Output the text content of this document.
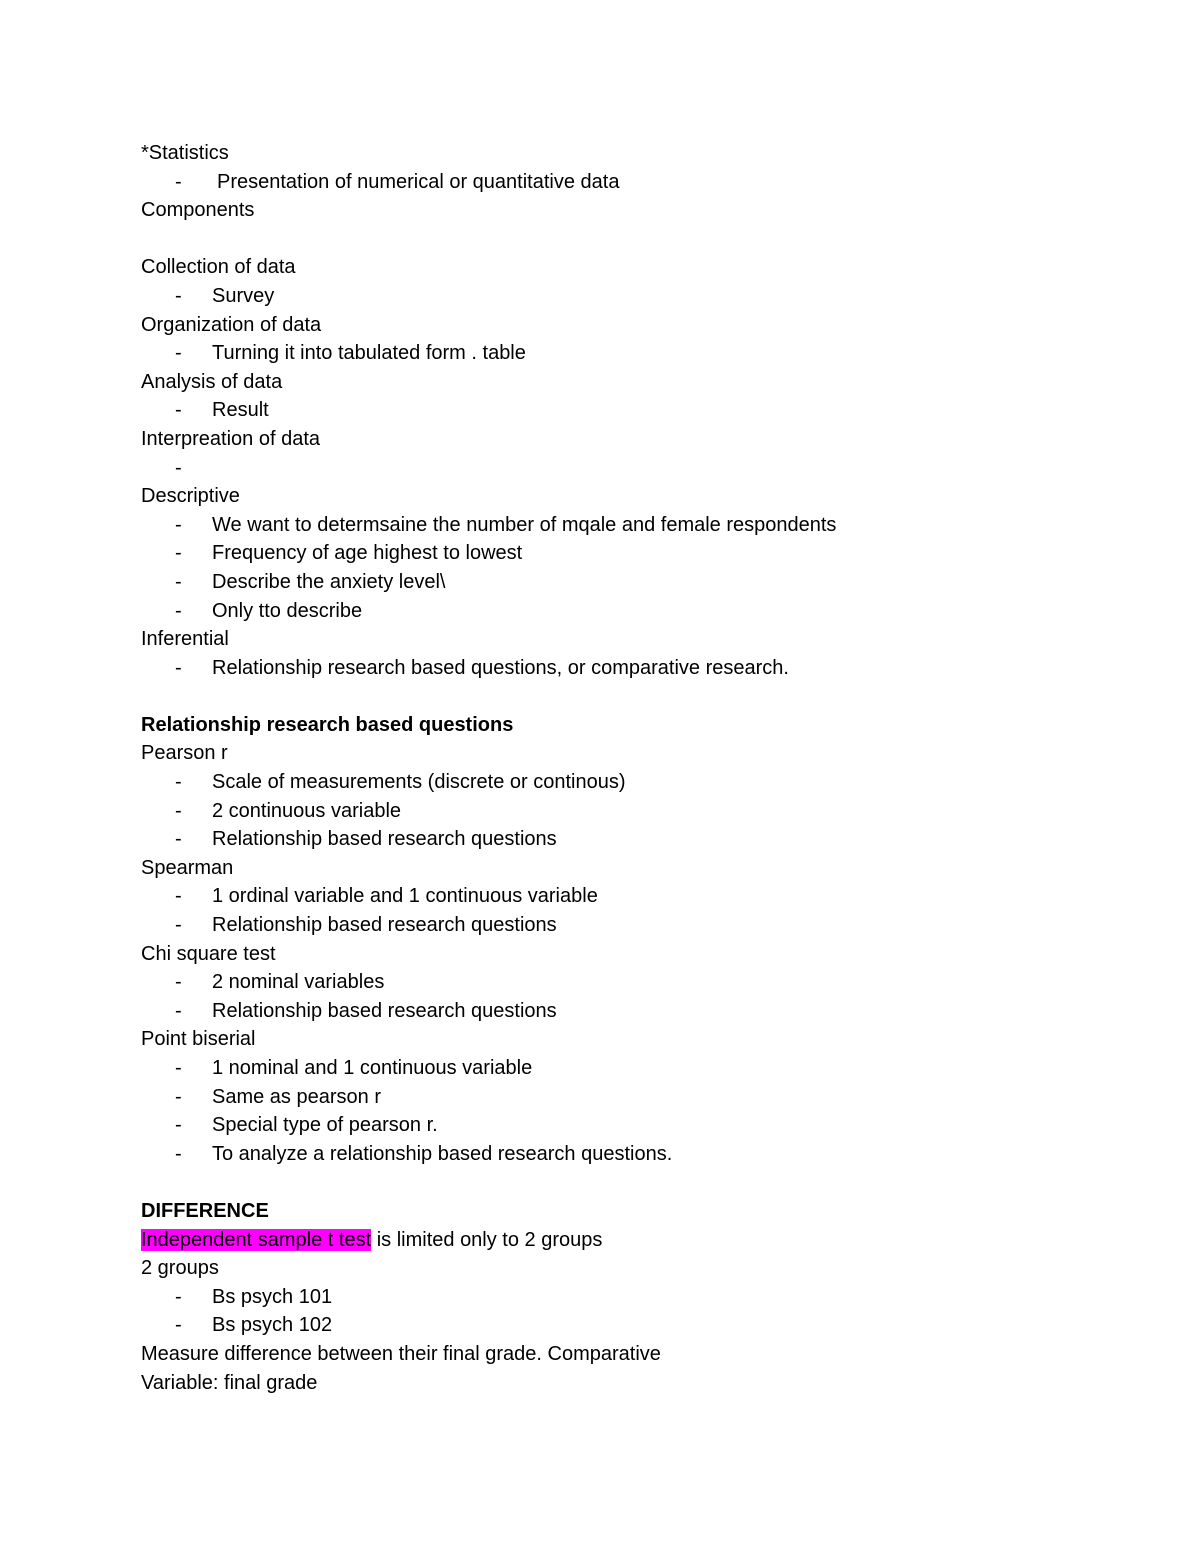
*Statistics
- Presentation of numerical or quantitative data
Components
Collection of data
- Survey
Organization of data
- Turning it into tabulated form . table
Analysis of data
- Result
Interpreation of data
-
Descriptive
- We want to determsaine the number of mqale and female respondents
- Frequency of age highest to lowest
- Describe the anxiety level\
- Only tto describe
Inferential
- Relationship research based questions, or comparative research.
Relationship research based questions
Pearson r
- Scale of measurements (discrete or continous)
- 2 continuous variable
- Relationship based research questions
Spearman
- 1 ordinal variable and 1 continuous variable
- Relationship based research questions
Chi square test
- 2 nominal variables
- Relationship based research questions
Point biserial
- 1 nominal and 1 continuous variable
- Same as pearson r
- Special type of pearson r.
- To analyze a relationship based research questions.
DIFFERENCE
Independent sample t test is limited only to 2 groups
2 groups
- Bs psych 101
- Bs psych 102
Measure difference between their final grade. Comparative
Variable: final grade
